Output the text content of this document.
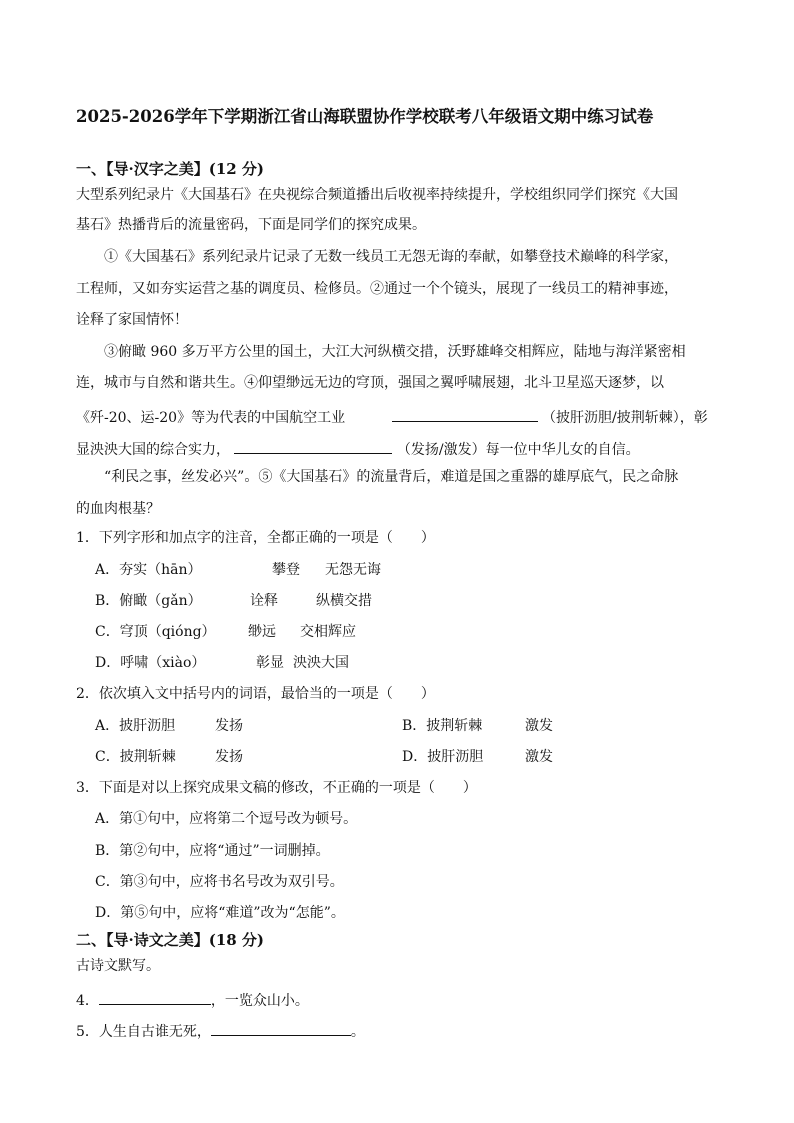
2025-2026学年下学期浙江省山海联盟协作学校联考八年级语文期中练习试卷
一、【导·汉字之美】(12 分)
大型系列纪录片《大国基石》在央视综合频道播出后收视率持续提升，学校组织同学们探究《大国
基石》热播背后的流量密码，下面是同学们的探究成果。
①《大国基石》系列纪录片记录了无数一线员工无怨无诲的奉献，如攀登技术巅峰的科学家，
工程师，又如夯实运营之基的调度员、检修员。②通过一个个镜头，展现了一线员工的精神事迹，
诠释了家国情怀！
③俯瞰 960 多万平方公里的国土，大江大河纵横交措，沃野雄峰交相辉应，陆地与海洋紧密相
连，城市与自然和谐共生。④仰望缈远无边的穹顶，强国之翼呼啸展翅，北斗卫星巡天逐梦，以
《歼-20、运-20》等为代表的中国航空工业	（披肝沥胆/披荆斩棘），彰
显泱泱大国的综合实力，	（发扬/激发）每一位中华儿女的自信。
“利民之事，丝发必兴”。⑤《大国基石》的流量背后，难道是国之重器的雄厚底气，民之命脉
的血肉根基？
1．下列字形和加点字的注音，全都正确的一项是（　　）
A．夯实（hān）	攀登 无怨无诲
B．俯瞰（gǎn）	诠释	纵横交措
C．穹顶（qióng） 缈远 交相辉应
D．呼啸（xiào）	彰显 泱泱大国
2．依次填入文中括号内的词语，最恰当的一项是（　　）
A．披肝沥胆	发扬	B．披荆斩棘	激发
C．披荆斩棘	发扬	D．披肝沥胆	激发
3．下面是对以上探究成果文稿的修改，不正确的一项是（　　）
A．第①句中，应将第二个逗号改为顿号。
B．第②句中，应将“通过”一词删掉。
C．第③句中，应将书名号改为双引号。
D．第⑤句中，应将“难道”改为“怎能”。
二、【导·诗文之美】(18 分)
古诗文默写。
4．	，一览众山小。
5．人生自古谁无死，	。
